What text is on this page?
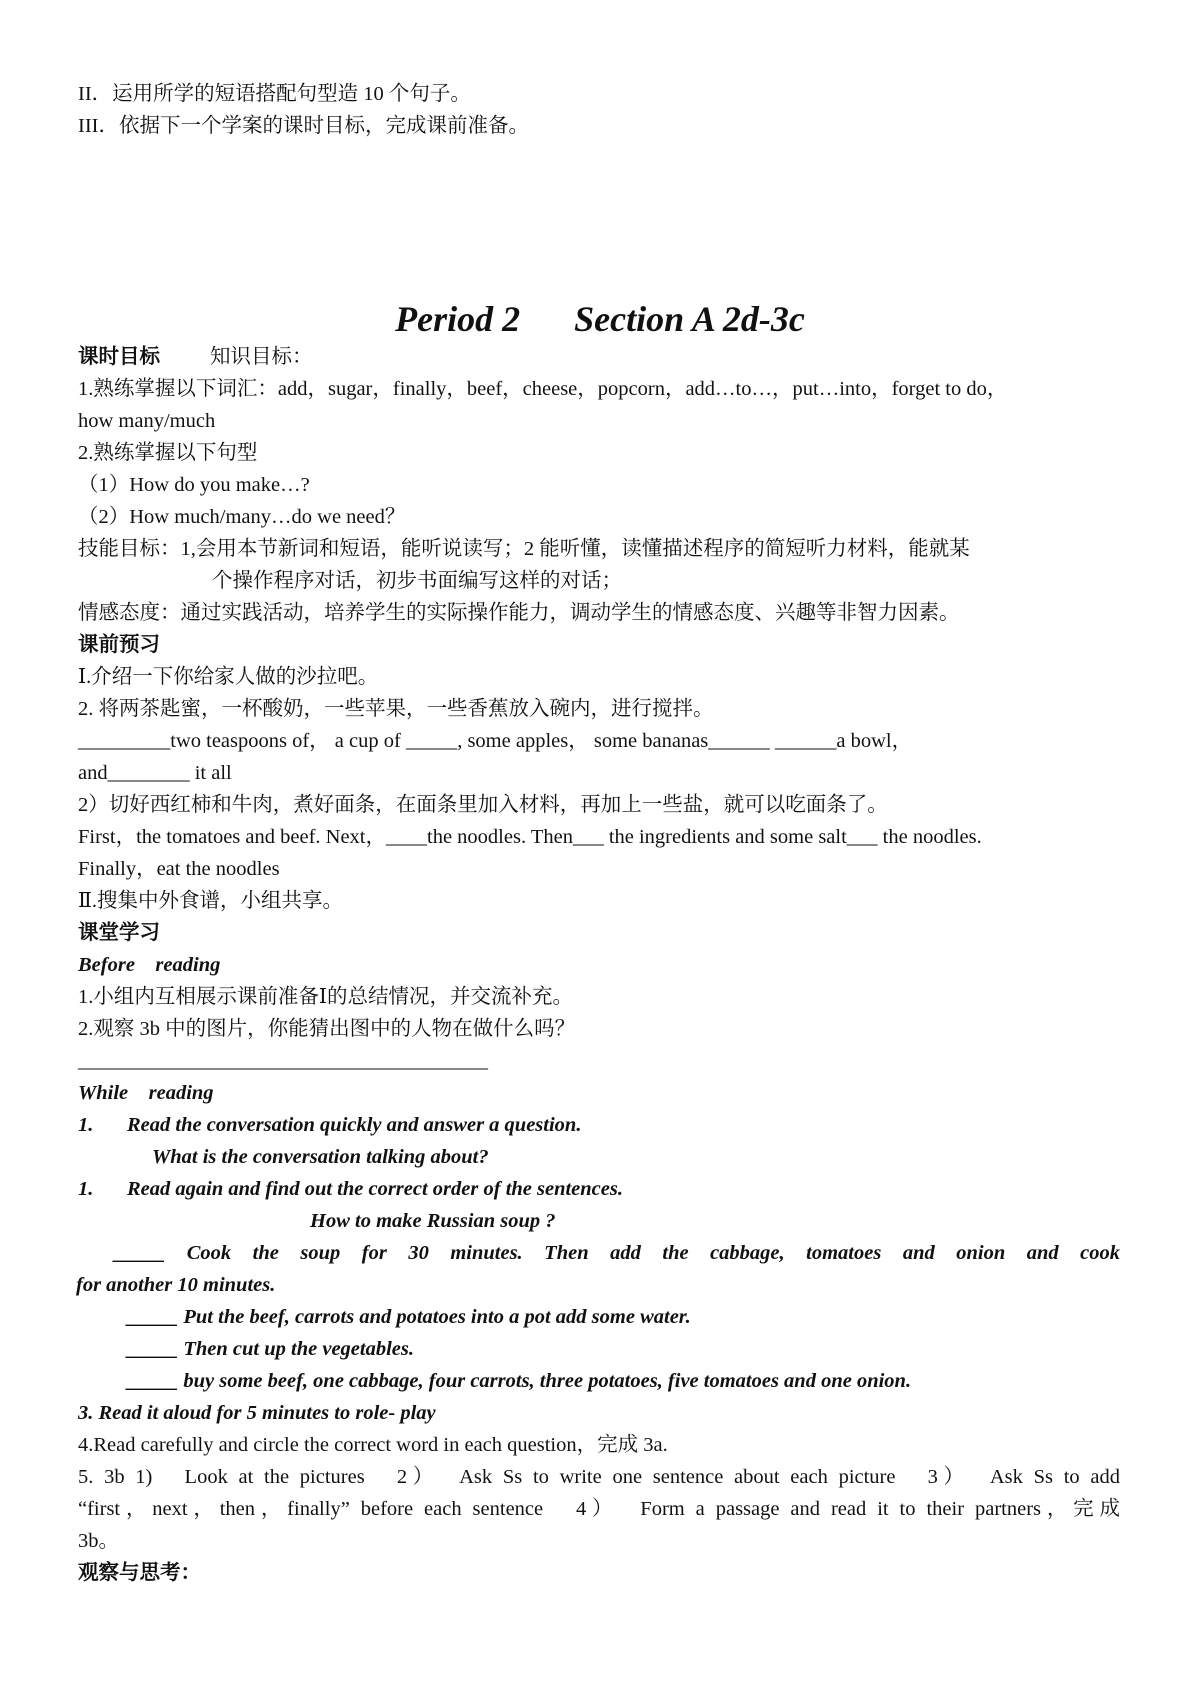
II．运用所学的短语搭配句型造 10 个句子。
III．依据下一个学案的课时目标，完成课前准备。
Period 2      Section A 2d-3c
课时目标 知识目标：
1.熟练掌握以下词汇：add，sugar，finally，beef，cheese，popcorn，add…to…，put…into，forget to do，
how many/much
2.熟练掌握以下句型
（1）How do you make…?
（2）How much/many…do we need？
技能目标：1,会用本节新词和短语，能听说读写；2 能听懂，读懂描述程序的简短听力材料，能就某
个操作程序对话，初步书面编写这样的对话；
情感态度：通过实践活动，培养学生的实际操作能力，调动学生的情感态度、兴趣等非智力因素。
课前预习
Ⅰ.介绍一下你给家人做的沙拉吧。
2. 将两茶匙蜜，一杯酸奶，一些苹果，一些香蕉放入碗内，进行搅拌。
_________two teaspoons of， a cup of _____, some apples， some bananas______ ______a bowl，
and________ it all
2）切好西红柿和牛肉，煮好面条，在面条里加入材料，再加上一些盐，就可以吃面条了。
First，the tomatoes and beef. Next，____the noodles. Then___ the ingredients and some salt___ the noodles.
Finally，eat the noodles
Ⅱ.搜集中外食谱，小组共享。
课堂学习
Before    reading
1.小组内互相展示课前准备Ⅰ的总结情况，并交流补充。
2.观察 3b 中的图片，你能猜出图中的人物在做什么吗？
________________________________________
While    reading
1. Read the conversation quickly and answer a question.
What is the conversation talking about?
1. Read again and find out the correct order of the sentences.
How to make Russian soup ?
_____ Cook the soup for 30 minutes. Then add the cabbage, tomatoes and onion and cook
for another 10 minutes.
_____ Put the beef, carrots and potatoes into a pot add some water.
_____ Then cut up the vegetables.
_____ buy some beef, one cabbage, four carrots, three potatoes, five tomatoes and one onion.
3. Read it aloud for 5 minutes to role- play
4.Read carefully and circle the correct word in each question，完成 3a.
5. 3b 1)   Look at the pictures   2）  Ask Ss to write one sentence about each picture   3）  Ask Ss to add
“first，next，then，finally” before each sentence   4）  Form a passage and read it to their partners，完成
3b。
观察与思考：
